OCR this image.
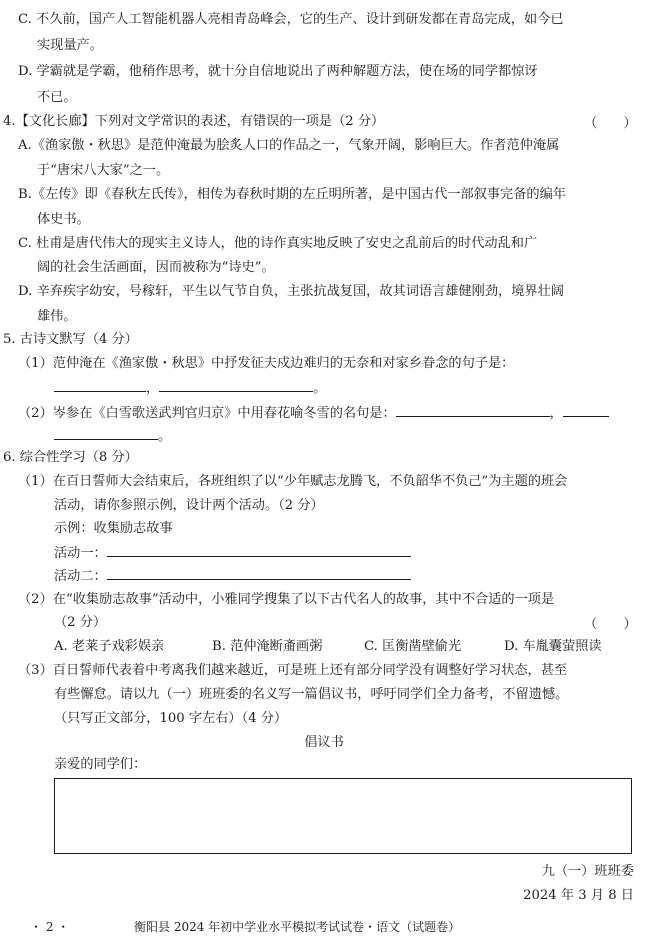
C. 不久前，国产人工智能机器人亮相青岛峰会，它的生产、设计到研发都在青岛完成，如今已
实现量产。
D. 学霸就是学霸，他稍作思考，就十分自信地说出了两种解题方法，使在场的同学都惊讶
不已。
4.【文化长廊】下列对文学常识的表述，有错误的一项是（2 分）	（　　）
A.《渔家傲・秋思》是范仲淹最为脍炙人口的作品之一，气象开阔，影响巨大。作者范仲淹属
于“唐宋八大家”之一。
B.《左传》即《春秋左氏传》，相传为春秋时期的左丘明所著，是中国古代一部叙事完备的编年
体史书。
C. 杜甫是唐代伟大的现实主义诗人，他的诗作真实地反映了安史之乱前后的时代动乱和广
阔的社会生活画面，因而被称为“诗史”。
D. 辛弃疾字幼安，号稼轩，平生以气节自负，主张抗战复国，故其词语言雄健刚劲，境界壮阔
雄伟。
5. 古诗文默写（4 分）
（1）范仲淹在《渔家傲・秋思》中抒发征夫戍边难归的无奈和对家乡眷念的句子是：
，	。
（2）岑参在《白雪歌送武判官归京》中用春花喻冬雪的名句是：	，
。
6. 综合性学习（8 分）
（1）在百日誓师大会结束后，各班组织了以“少年赋志龙腾飞，不负韶华不负己”为主题的班会
活动，请你参照示例，设计两个活动。（2 分）
示例：收集励志故事
活动一：
活动二：
（2）在“收集励志故事”活动中，小雅同学搜集了以下古代名人的故事，其中不合适的一项是
（2 分）	（　　）
A. 老莱子戏彩娱亲	B. 范仲淹断齑画粥	C. 匡衡凿壁偷光	D. 车胤囊萤照读
（3）百日誓师代表着中考离我们越来越近，可是班上还有部分同学没有调整好学习状态，甚至
有些懈怠。请以九（一）班班委的名义写一篇倡议书，呼吁同学们全力备考，不留遗憾。
（只写正文部分，100 字左右）（4 分）
倡议书
亲爱的同学们：
九（一）班班委
2024 年 3 月 8 日
・ 2 ・	衡阳县 2024 年初中学业水平模拟考试试卷・语文（试题卷）
